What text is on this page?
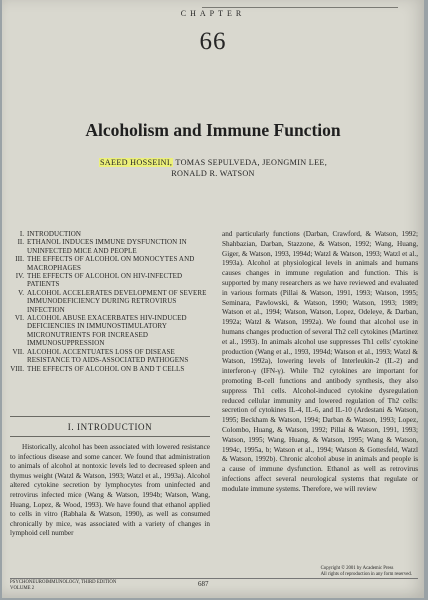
CHAPTER
66
Alcoholism and Immune Function
SAEED HOSSEINI, TOMAS SEPULVEDA, JEONGMIN LEE,
RONALD R. WATSON
I. INTRODUCTION
II. ETHANOL INDUCES IMMUNE DYSFUNCTION IN UNINFECTED MICE AND PEOPLE
III. THE EFFECTS OF ALCOHOL ON MONOCYTES AND MACROPHAGES
IV. THE EFFECTS OF ALCOHOL ON HIV-INFECTED PATIENTS
V. ALCOHOL ACCELERATES DEVELOPMENT OF SEVERE IMMUNODEFICIENCY DURING RETROVIRUS INFECTION
VI. ALCOHOL ABUSE EXACERBATES HIV-INDUCED DEFICIENCIES IN IMMUNOSTIMULATORY MICRONUTRIENTS FOR INCREASED IMMUNOSUPPRESSION
VII. ALCOHOL ACCENTUATES LOSS OF DISEASE RESISTANCE TO AIDS-ASSOCIATED PATHOGENS
VIII. THE EFFECTS OF ALCOHOL ON B AND T CELLS
I. INTRODUCTION

Historically, alcohol has been associated with lowered resistance to infectious disease and some cancer. We found that administration to animals of alcohol at nontoxic levels led to decreased spleen and thymus weight (Watzl & Watson, 1993; Watzl et al., 1993a). Alcohol altered cytokine secretion by lymphocytes from uninfected and retrovirus infected mice (Wang & Watson, 1994b; Watson, Wang, Huang, Lopez, & Wood, 1993). We have found that ethanol applied to cells in vitro (Rabhala & Watson, 1990), as well as consumed chronically by mice, was associated with a variety of changes in lymphoid cell number

and particularly functions (Darban, Crawford, & Watson, 1992; Shahbazian, Darban, Stazzone, & Watson, 1992; Wang, Huang, Giger, & Watson, 1993, 1994d; Watzl & Watson, 1993; Watzl et al., 1993a). Alcohol at physiological levels in animals and humans causes changes in immune regulation and function. This is supported by many researchers as we have reviewed and evaluated in various formats (Pillai & Watson, 1991, 1993; Watson, 1995; Seminara, Pawlowski, & Watson, 1990; Watson, 1993; 1989; Watson et al., 1994; Watson, Watson, Lopez, Odeleye, & Darban, 1992a; Watzl & Watson, 1992a). We found that alcohol use in humans changes production of several Th2 cell cytokines (Martinez et al., 1993). In animals alcohol use suppresses Th1 cells' cytokine production (Wang et al., 1993, 1994d; Watson et al., 1993; Watzl & Watson, 1992a), lowering levels of Interleukin-2 (IL-2) and interferon-γ (IFN-γ). While Th2 cytokines are important for promoting B-cell functions and antibody synthesis, they also suppress Th1 cells. Alcohol-induced cytokine dysregulation reduced cellular immunity and lowered regulation of Th2 cells: secretion of cytokines IL-4, IL-6, and IL-10 (Ardestani & Watson, 1995; Beckham & Watson, 1994; Darban & Watson, 1993; Lopez, Colombo, Huang, & Watson, 1992; Pillai & Watson, 1991, 1993; Watson, 1995; Wang, Huang, & Watson, 1995; Wang & Watson, 1994c, 1995a, b; Watson et al., 1994; Watson & Gottesfeld, Watzl & Watson, 1992b). Chronic alcohol abuse in animals and people is a cause of immune dysfunction. Ethanol as well as retrovirus infections affect several neurological systems that regulate or modulate immune systems. Therefore, we will review

PSYCHONEUROIMMUNOLOGY, THIRD EDITION
VOLUME 2
687
Copyright © 2001 by Academic Press
All rights of reproduction in any form reserved.
